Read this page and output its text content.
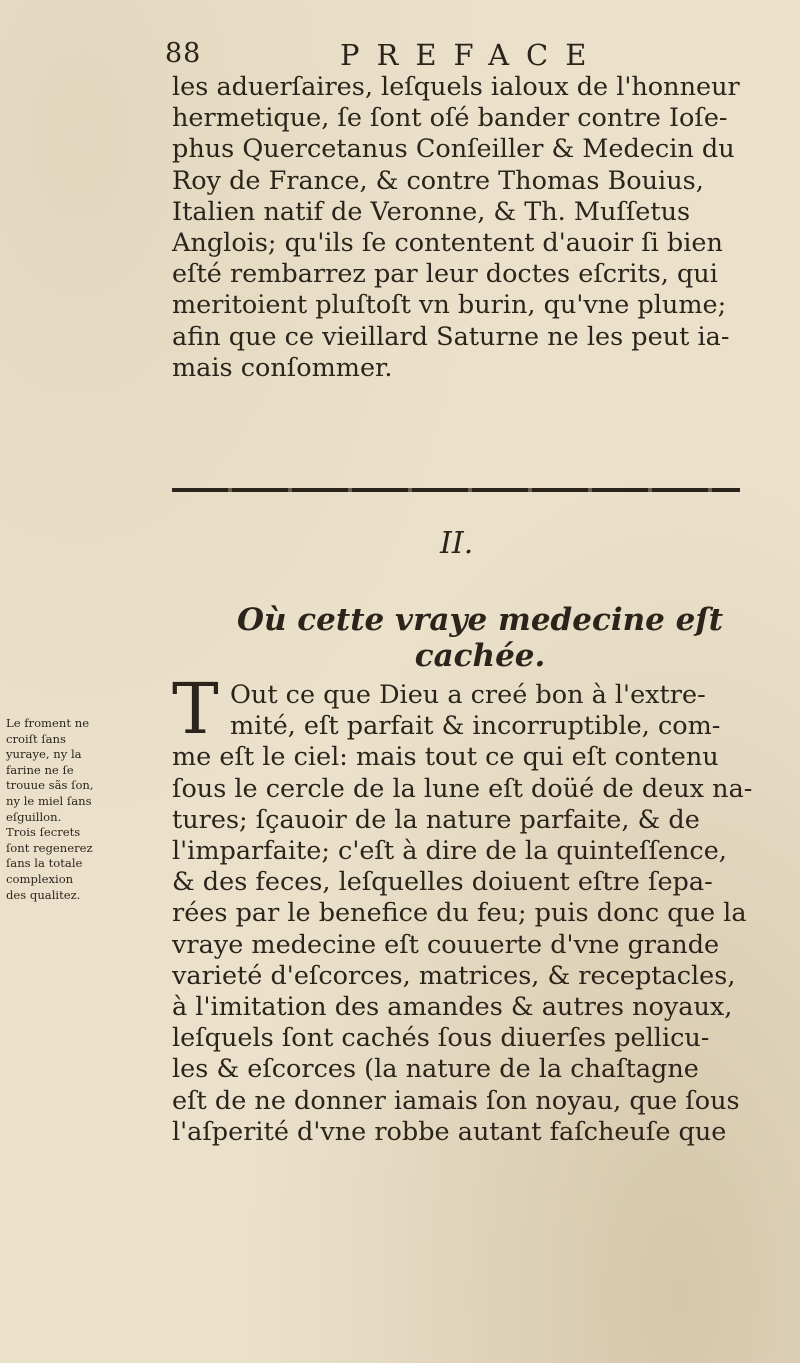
88	PREFACE

les aduerſaires, leſquels ialoux de l'honneur
hermetique, ſe ſont oſé bander contre Ioſe-
phus Quercetanus Conſeiller & Medecin du
Roy de France, & contre Thomas Bouius,
Italien natif de Veronne, & Th. Muſſetus
Anglois; qu'ils ſe contentent d'auoir ſi bien
eſté rembarrez par leur doctes eſcrits, qui
meritoient pluſtoſt vn burin, qu'vne plume;
afin que ce vieillard Saturne ne les peut ia-
mais conſommer.

II.
Où cette vraye medecine eſt cachée.
T Out ce que Dieu a creé bon à l'extre-
mité, eſt parfait & incorruptible, com-
me eſt le ciel: mais tout ce qui eſt contenu
ſous le cercle de la lune eſt doüé de deux na-
tures; ſçauoir de la nature parfaite, & de
l'imparfaite; c'eſt à dire de la quinteſſence,
& des feces, leſquelles doiuent eſtre ſepa-
rées par le benefice du feu; puis donc que la
vraye medecine eſt couuerte d'vne grande
varieté d'eſcorces, matrices, & receptacles,
à l'imitation des amandes & autres noyaux,
leſquels ſont cachés ſous diuerſes pellicu-
les & eſcorces (la nature de la chaſtagne
eſt de ne donner iamais ſon noyau, que ſous
l'aſperité d'vne robbe autant faſcheuſe que

Le froment ne
croiſt ſans
yuraye, ny la
farine ne ſe
trouue sãs ſon,
ny le miel ſans
eſguillon.
Trois ſecrets
ſont regenerez
ſans la totale
complexion
des qualitez.
